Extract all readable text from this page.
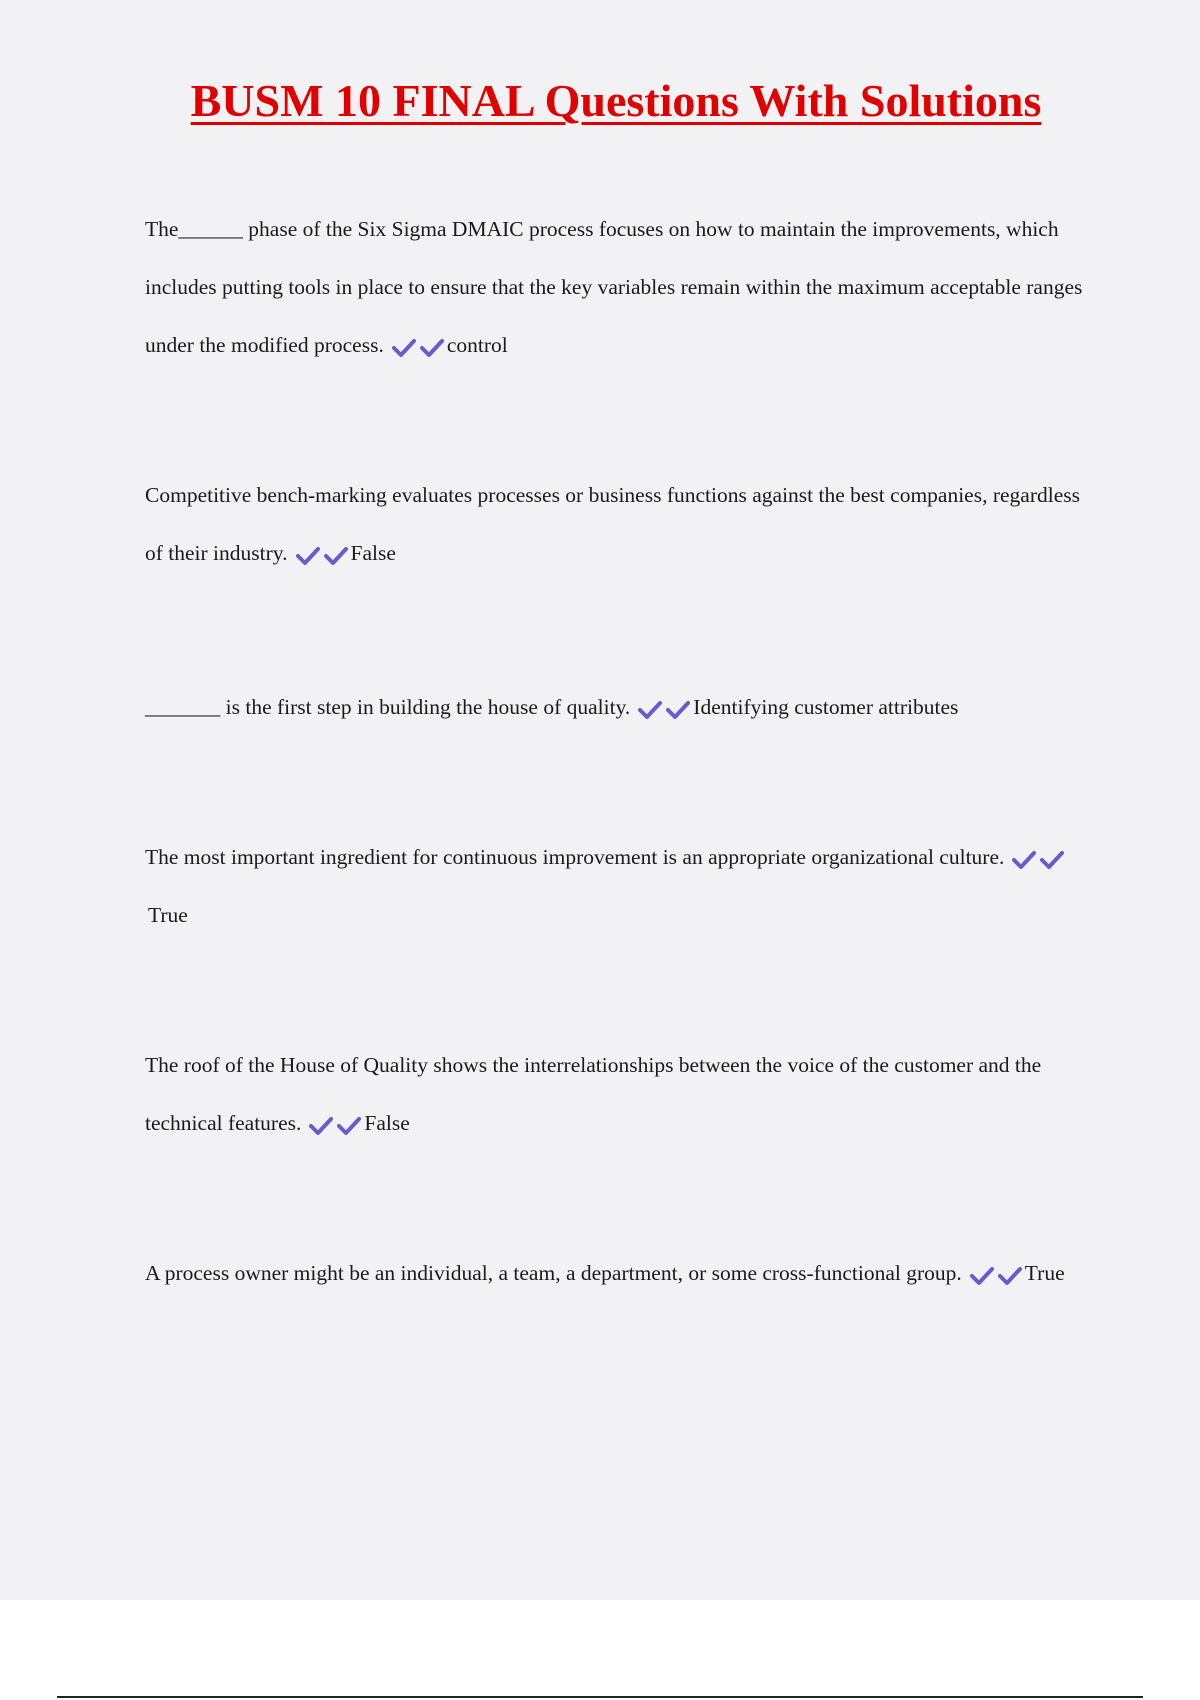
BUSM 10 FINAL Questions With Solutions

The______ phase of the Six Sigma DMAIC process focuses on how to maintain the improvements, which includes putting tools in place to ensure that the key variables remain within the maximum acceptable ranges under the modified process.	control

Competitive bench-marking evaluates processes or business functions against the best companies, regardless of their industry.	False

_______ is the first step in building the house of quality.	Identifying customer attributes

The most important ingredient for continuous improvement is an appropriate organizational culture.
True

The roof of the House of Quality shows the interrelationships between the voice of the customer and the technical features.	False

A process owner might be an individual, a team, a department, or some cross-functional group.	True
